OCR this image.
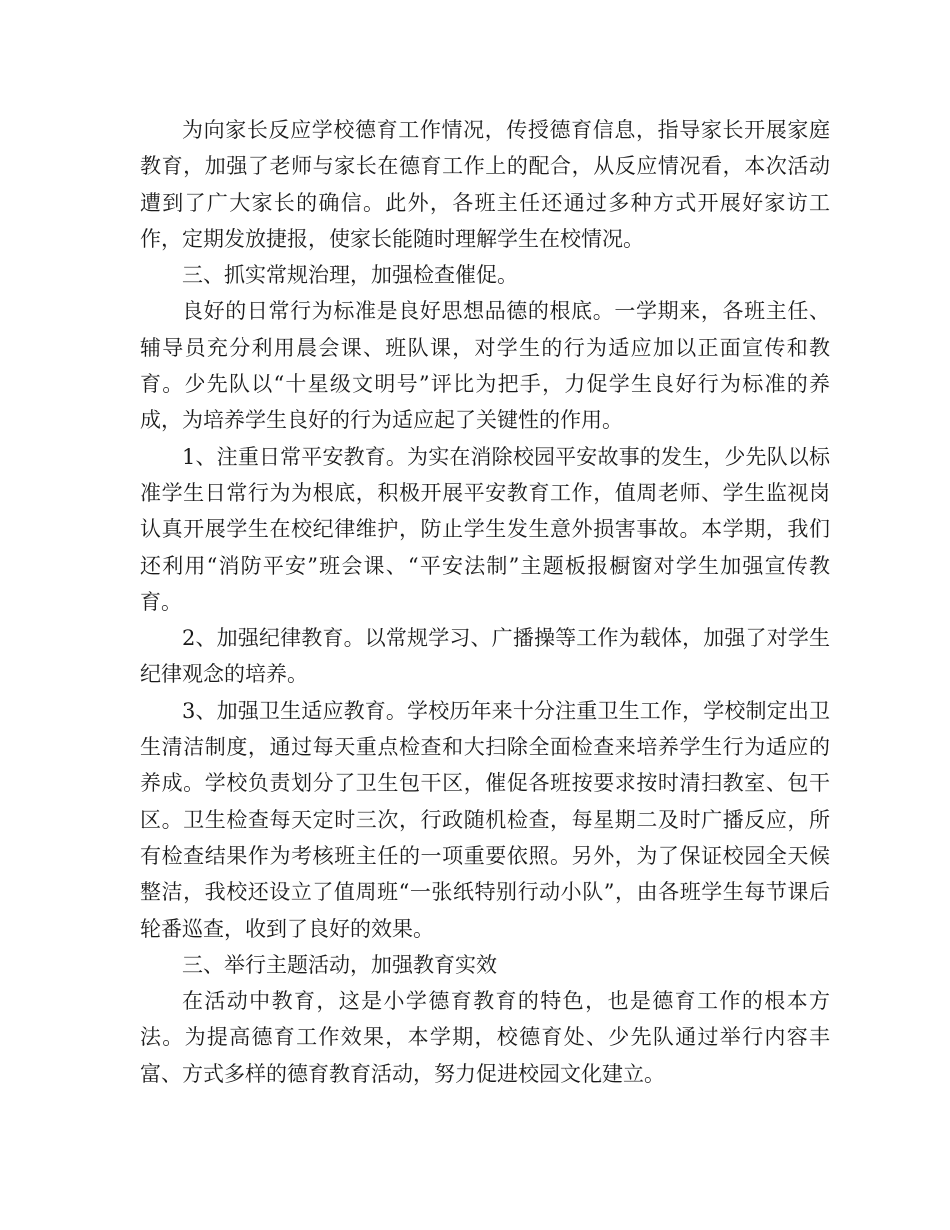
为向家长反应学校德育工作情况，传授德育信息，指导家长开展家庭教育，加强了老师与家长在德育工作上的配合，从反应情况看，本次活动遭到了广大家长的确信。此外，各班主任还通过多种方式开展好家访工作，定期发放捷报，使家长能随时理解学生在校情况。

三、抓实常规治理，加强检查催促。

良好的日常行为标准是良好思想品德的根底。一学期来，各班主任、辅导员充分利用晨会课、班队课，对学生的行为适应加以正面宣传和教育。少先队以“十星级文明号”评比为把手，力促学生良好行为标准的养成，为培养学生良好的行为适应起了关键性的作用。

1、注重日常平安教育。为实在消除校园平安故事的发生，少先队以标准学生日常行为为根底，积极开展平安教育工作，值周老师、学生监视岗认真开展学生在校纪律维护，防止学生发生意外损害事故。本学期，我们还利用“消防平安”班会课、“平安法制”主题板报橱窗对学生加强宣传教育。

2、加强纪律教育。以常规学习、广播操等工作为载体，加强了对学生纪律观念的培养。

3、加强卫生适应教育。学校历年来十分注重卫生工作，学校制定出卫生清洁制度，通过每天重点检查和大扫除全面检查来培养学生行为适应的养成。学校负责划分了卫生包干区，催促各班按要求按时清扫教室、包干区。卫生检查每天定时三次，行政随机检查，每星期二及时广播反应，所有检查结果作为考核班主任的一项重要依照。另外，为了保证校园全天候整洁，我校还设立了值周班“一张纸特别行动小队”，由各班学生每节课后轮番巡查，收到了良好的效果。

三、举行主题活动，加强教育实效

在活动中教育，这是小学德育教育的特色，也是德育工作的根本方法。为提高德育工作效果，本学期，校德育处、少先队通过举行内容丰富、方式多样的德育教育活动，努力促进校园文化建立。
